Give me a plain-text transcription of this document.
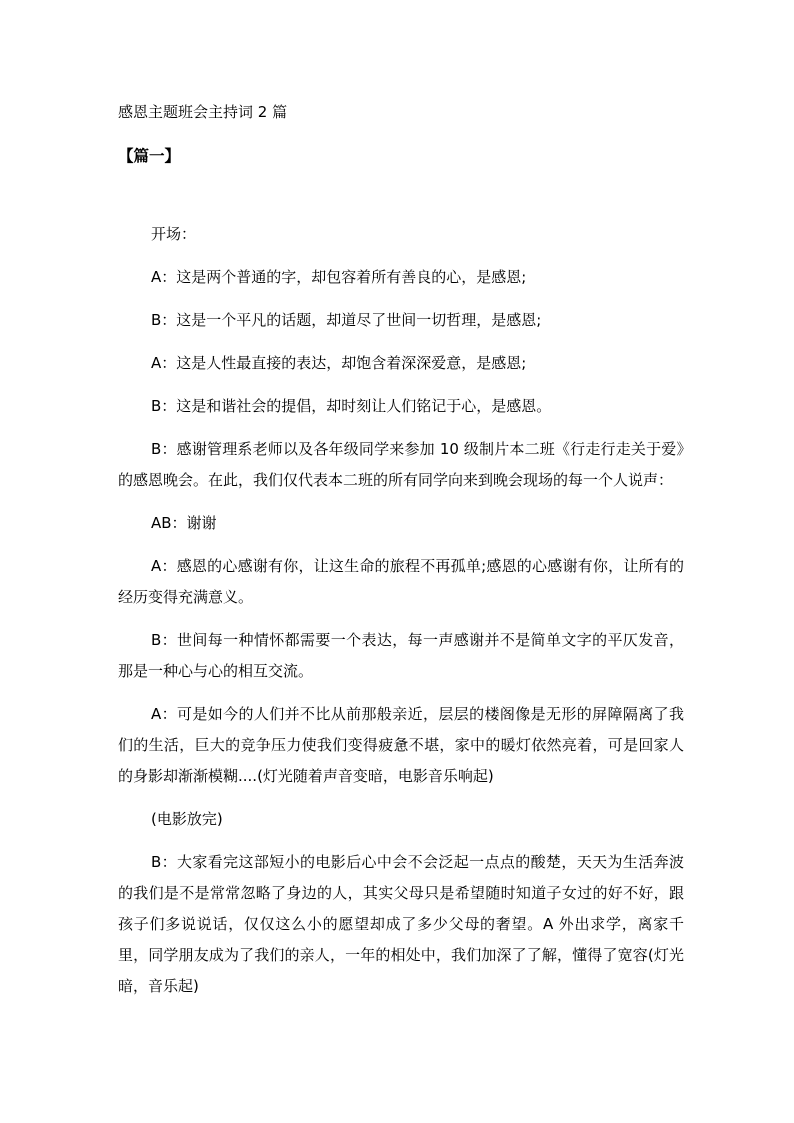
感恩主题班会主持词 2 篇
【篇一】

开场：

A：这是两个普通的字，却包容着所有善良的心，是感恩;

B：这是一个平凡的话题，却道尽了世间一切哲理，是感恩;

A：这是人性最直接的表达，却饱含着深深爱意，是感恩;

B：这是和谐社会的提倡，却时刻让人们铭记于心，是感恩。

B：感谢管理系老师以及各年级同学来参加 10 级制片本二班《行走行走关于爱》的感恩晚会。在此，我们仅代表本二班的所有同学向来到晚会现场的每一个人说声：

AB：谢谢

A：感恩的心感谢有你，让这生命的旅程不再孤单;感恩的心感谢有你，让所有的经历变得充满意义。

B：世间每一种情怀都需要一个表达，每一声感谢并不是简单文字的平仄发音，那是一种心与心的相互交流。

A：可是如今的人们并不比从前那般亲近，层层的楼阁像是无形的屏障隔离了我们的生活，巨大的竞争压力使我们变得疲惫不堪，家中的暖灯依然亮着，可是回家人的身影却渐渐模糊....(灯光随着声音变暗，电影音乐响起)

(电影放完)

B：大家看完这部短小的电影后心中会不会泛起一点点的酸楚，天天为生活奔波的我们是不是常常忽略了身边的人，其实父母只是希望随时知道子女过的好不好，跟孩子们多说说话，仅仅这么小的愿望却成了多少父母的奢望。A 外出求学，离家千里，同学朋友成为了我们的亲人，一年的相处中，我们加深了了解，懂得了宽容(灯光暗，音乐起)
